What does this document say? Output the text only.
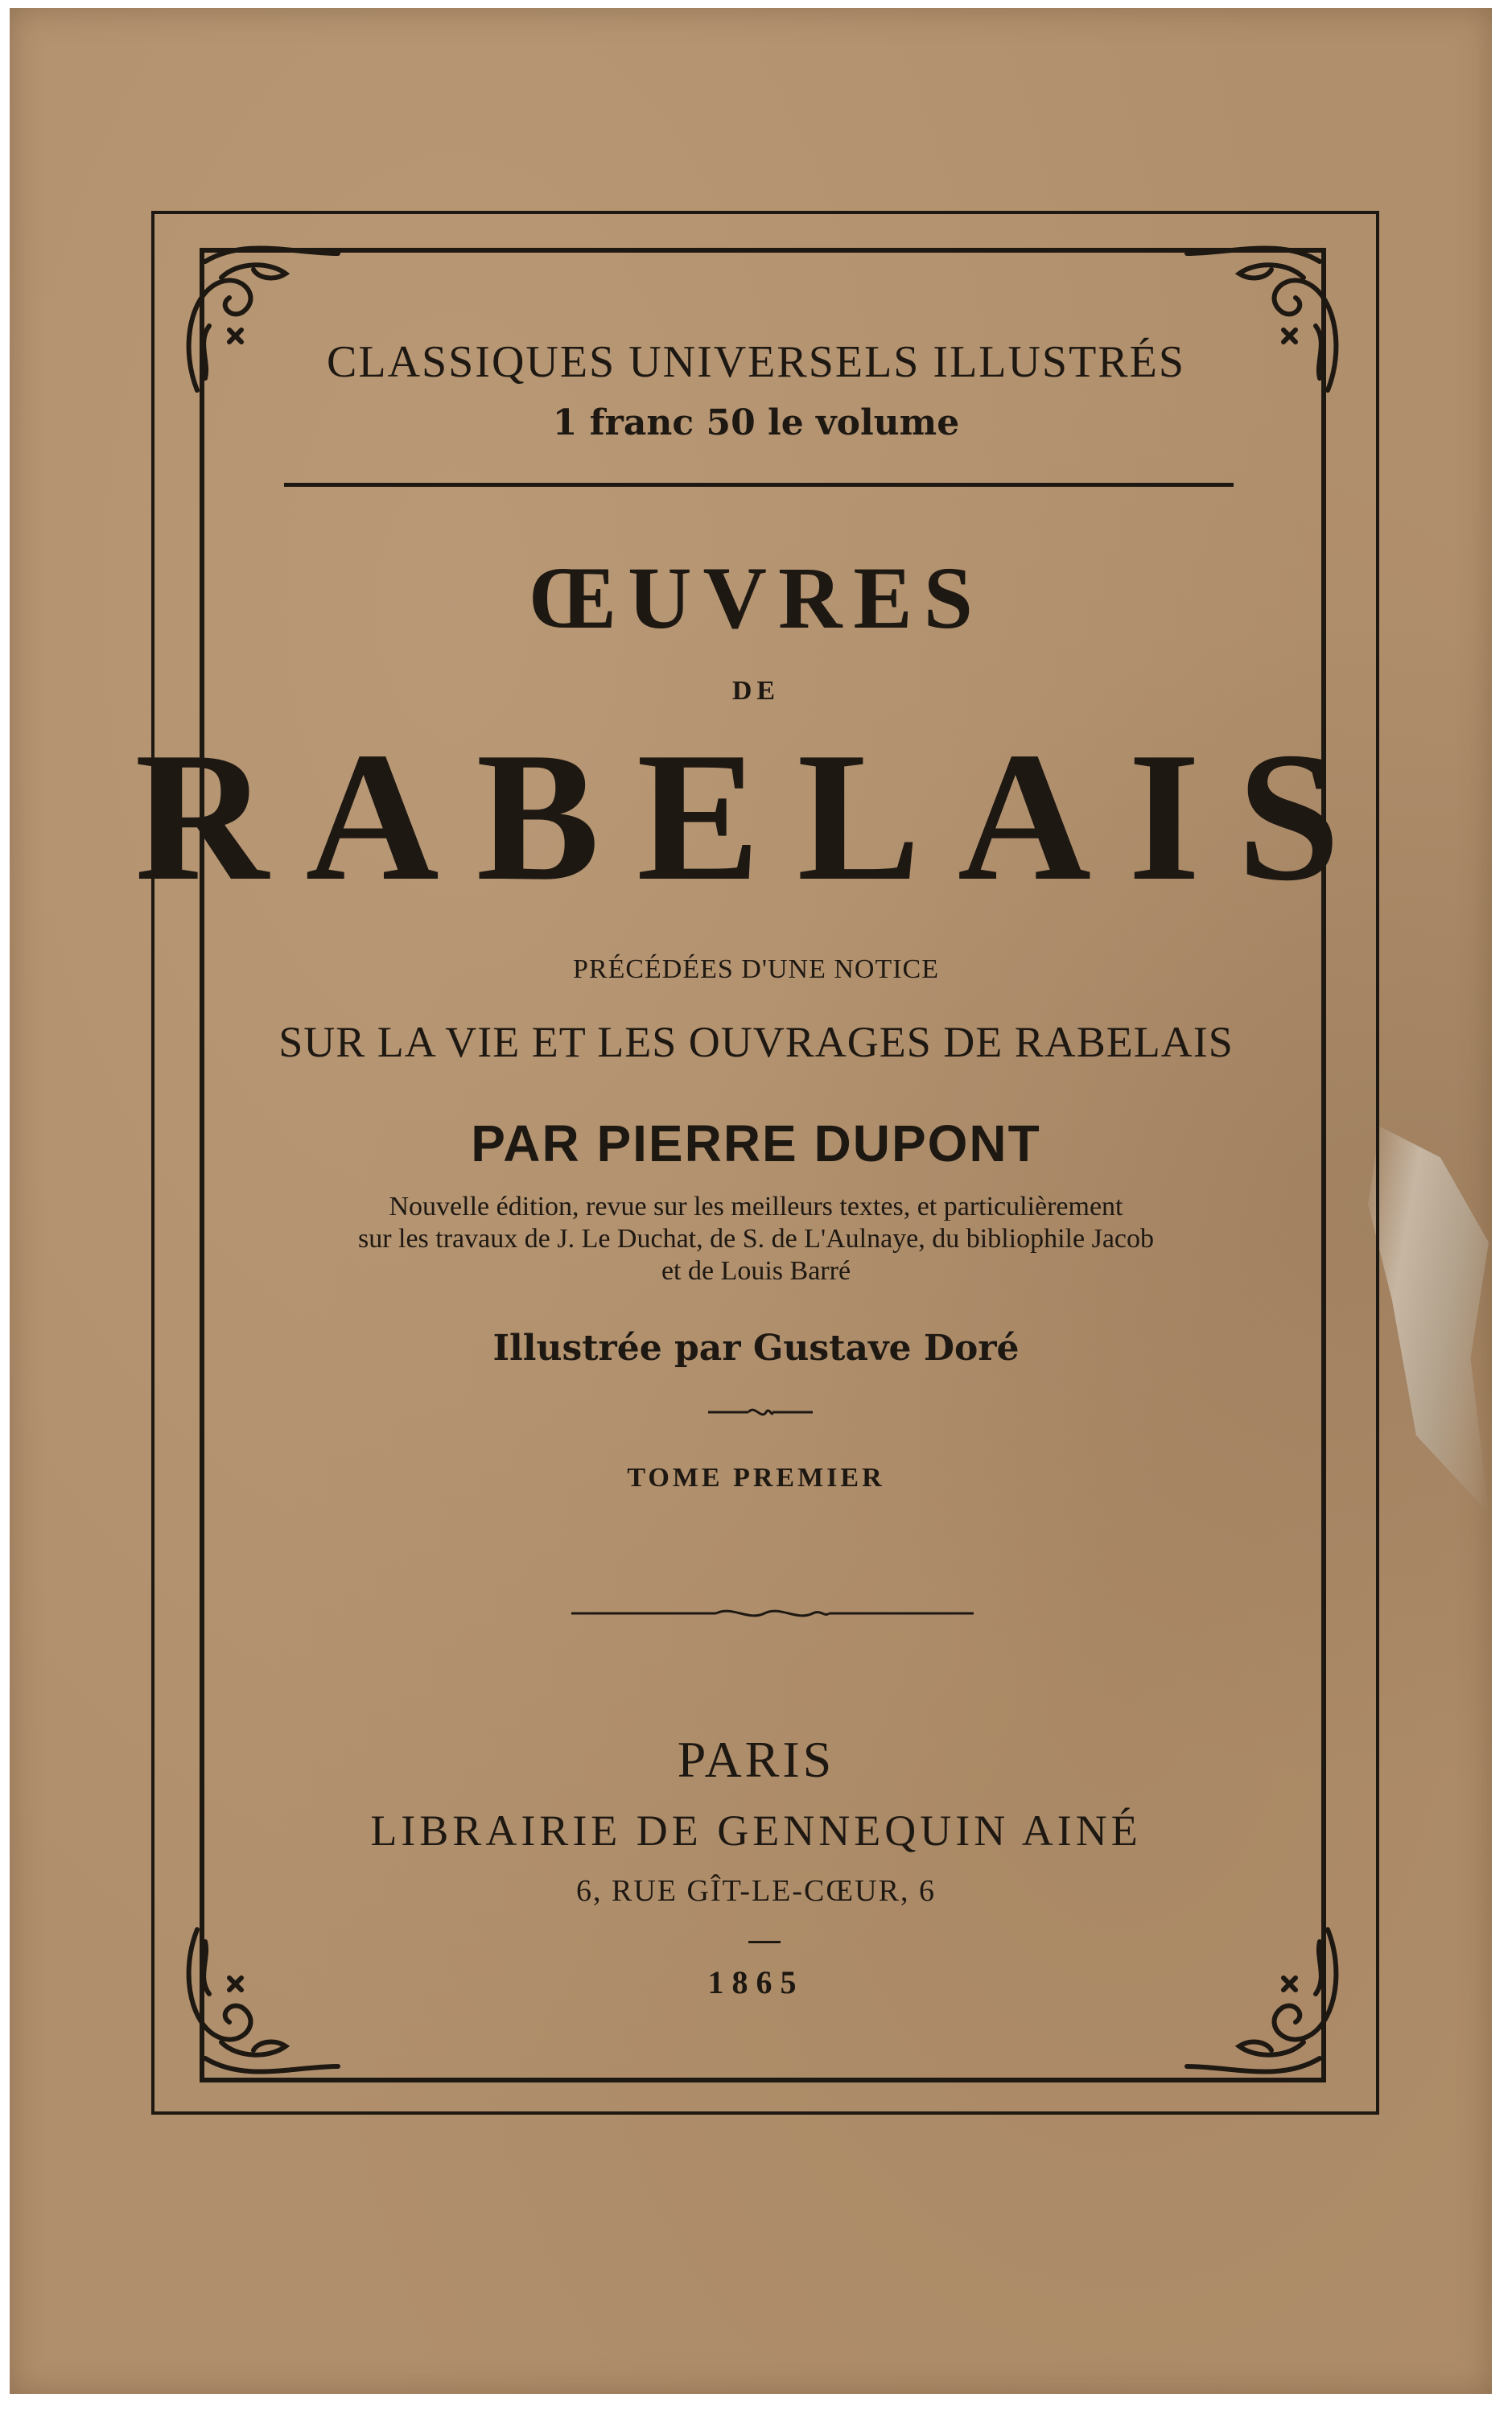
CLASSIQUES UNIVERSELS ILLUSTRÉS
1 franc 50 le volume
ŒUVRES
DE
RABELAIS
PRÉCÉDÉES D'UNE NOTICE
SUR LA VIE ET LES OUVRAGES DE RABELAIS
PAR PIERRE DUPONT
Nouvelle édition, revue sur les meilleurs textes, et particulièrement
sur les travaux de J. Le Duchat, de S. de L'Aulnaye, du bibliophile Jacob
et de Louis Barré
Illustrée par Gustave Doré
TOME PREMIER
PARIS
LIBRAIRIE DE GENNEQUIN AINÉ
6, RUE GÎT-LE-CŒUR, 6
1865
